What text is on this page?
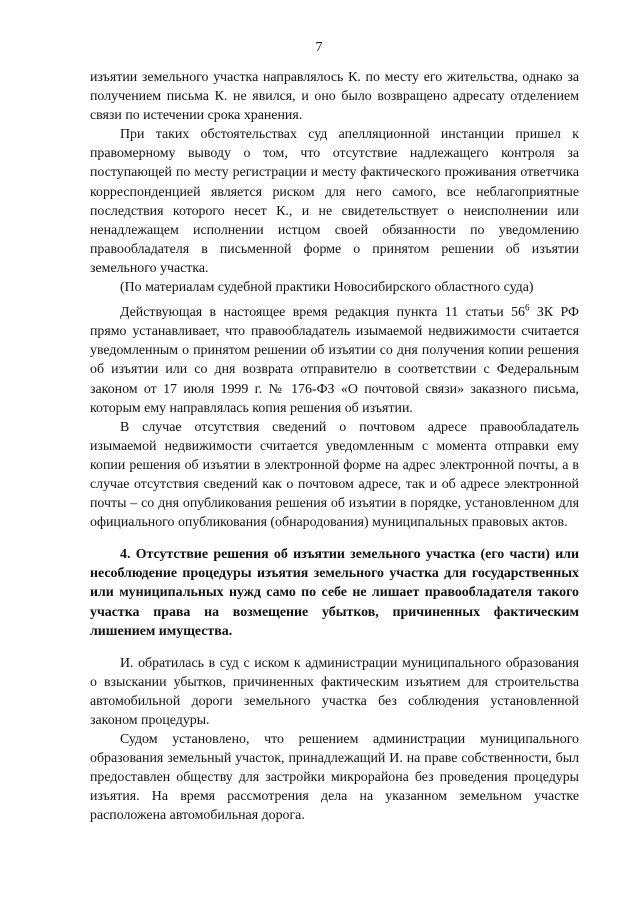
7

изъятии земельного участка направлялось К. по месту его жительства, однако за получением письма К. не явился, и оно было возвращено адресату отделением связи по истечении срока хранения.

При таких обстоятельствах суд апелляционной инстанции пришел к правомерному выводу о том, что отсутствие надлежащего контроля за поступающей по месту регистрации и месту фактического проживания ответчика корреспонденцией является риском для него самого, все неблагоприятные последствия которого несет К., и не свидетельствует о неисполнении или ненадлежащем исполнении истцом своей обязанности по уведомлению правообладателя в письменной форме о принятом решении об изъятии земельного участка.

(По материалам судебной практики Новосибирского областного суда)

Действующая в настоящее время редакция пункта 11 статьи $56^6$ ЗК РФ прямо устанавливает, что правообладатель изымаемой недвижимости считается уведомленным о принятом решении об изъятии со дня получения копии решения об изъятии или со дня возврата отправителю в соответствии с Федеральным законом от 17 июля 1999 г. № 176-ФЗ «О почтовой связи» заказного письма, которым ему направлялась копия решения об изъятии.

В случае отсутствия сведений о почтовом адресе правообладатель изымаемой недвижимости считается уведомленным с момента отправки ему копии решения об изъятии в электронной форме на адрес электронной почты, а в случае отсутствия сведений как о почтовом адресе, так и об адресе электронной почты – со дня опубликования решения об изъятии в порядке, установленном для официального опубликования (обнародования) муниципальных правовых актов.

4. Отсутствие решения об изъятии земельного участка (его части) или несоблюдение процедуры изъятия земельного участка для государственных или муниципальных нужд само по себе не лишает правообладателя такого участка права на возмещение убытков, причиненных фактическим лишением имущества.

И. обратилась в суд с иском к администрации муниципального образования о взыскании убытков, причиненных фактическим изъятием для строительства автомобильной дороги земельного участка без соблюдения установленной законом процедуры.

Судом установлено, что решением администрации муниципального образования земельный участок, принадлежащий И. на праве собственности, был предоставлен обществу для застройки микрорайона без проведения процедуры изъятия. На время рассмотрения дела на указанном земельном участке расположена автомобильная дорога.
